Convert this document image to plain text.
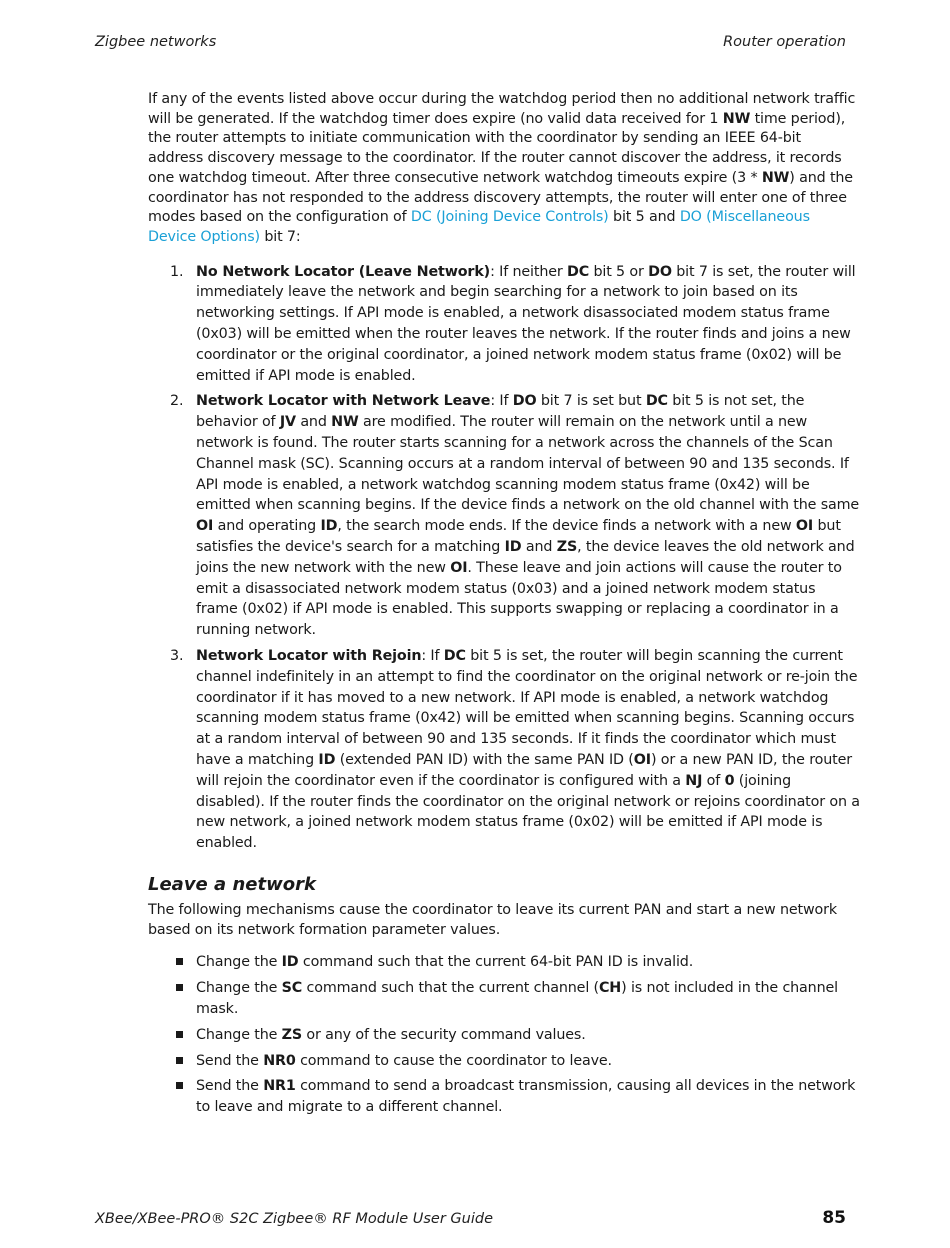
Zigbee networks	Router operation

If any of the events listed above occur during the watchdog period then no additional network traffic will be generated. If the watchdog timer does expire (no valid data received for 1 NW time period), the router attempts to initiate communication with the coordinator by sending an IEEE 64-bit address discovery message to the coordinator. If the router cannot discover the address, it records one watchdog timeout. After three consecutive network watchdog timeouts expire (3 * NW) and the coordinator has not responded to the address discovery attempts, the router will enter one of three modes based on the configuration of DC (Joining Device Controls) bit 5 and DO (Miscellaneous Device Options) bit 7:

1. No Network Locator (Leave Network): If neither DC bit 5 or DO bit 7 is set, the router will immediately leave the network and begin searching for a network to join based on its networking settings. If API mode is enabled, a network disassociated modem status frame (0x03) will be emitted when the router leaves the network. If the router finds and joins a new coordinator or the original coordinator, a joined network modem status frame (0x02) will be emitted if API mode is enabled.
2. Network Locator with Network Leave: If DO bit 7 is set but DC bit 5 is not set, the behavior of JV and NW are modified. The router will remain on the network until a new network is found. The router starts scanning for a network across the channels of the Scan Channel mask (SC). Scanning occurs at a random interval of between 90 and 135 seconds. If API mode is enabled, a network watchdog scanning modem status frame (0x42) will be emitted when scanning begins. If the device finds a network on the old channel with the same OI and operating ID, the search mode ends. If the device finds a network with a new OI but satisfies the device's search for a matching ID and ZS, the device leaves the old network and joins the new network with the new OI. These leave and join actions will cause the router to emit a disassociated network modem status (0x03) and a joined network modem status frame (0x02) if API mode is enabled. This supports swapping or replacing a coordinator in a running network.
3. Network Locator with Rejoin: If DC bit 5 is set, the router will begin scanning the current channel indefinitely in an attempt to find the coordinator on the original network or re-join the coordinator if it has moved to a new network. If API mode is enabled, a network watchdog scanning modem status frame (0x42) will be emitted when scanning begins. Scanning occurs at a random interval of between 90 and 135 seconds. If it finds the coordinator which must have a matching ID (extended PAN ID) with the same PAN ID (OI) or a new PAN ID, the router will rejoin the coordinator even if the coordinator is configured with a NJ of 0 (joining disabled). If the router finds the coordinator on the original network or rejoins coordinator on a new network, a joined network modem status frame (0x02) will be emitted if API mode is enabled.
Leave a network

The following mechanisms cause the coordinator to leave its current PAN and start a new network based on its network formation parameter values.

Change the ID command such that the current 64-bit PAN ID is invalid.
Change the SC command such that the current channel (CH) is not included in the channel mask.
Change the ZS or any of the security command values.
Send the NR0 command to cause the coordinator to leave.
Send the NR1 command to send a broadcast transmission, causing all devices in the network to leave and migrate to a different channel.
XBee/XBee-PRO® S2C Zigbee® RF Module User Guide	85
